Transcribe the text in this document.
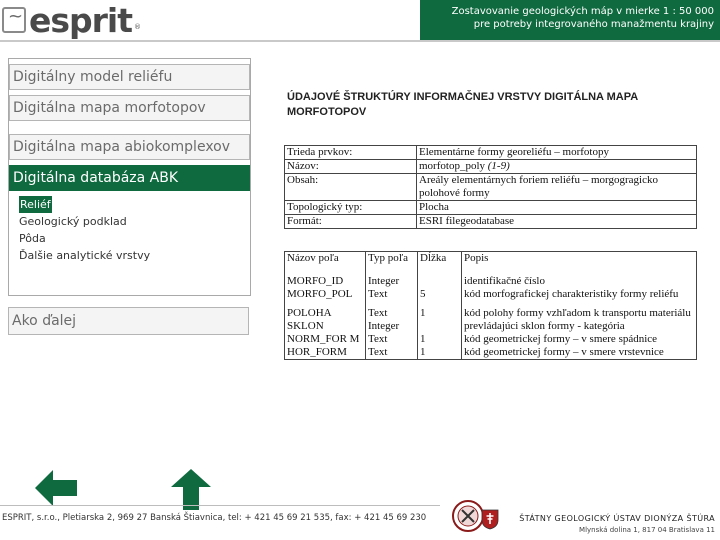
~
esprit ®
Zostavovanie geologických máp v mierke 1 : 50 000
pre potreby integrovaného manažmentu krajiny
Digitálny model reliéfu
Digitálna mapa morfotopov
Digitálna mapa abiokomplexov
Digitálna databáza ABK
Reliéf
Geologický podklad
Pôda
Ďalšie analytické vrstvy
Ako ďalej
ÚDAJOVÉ ŠTRUKTÚRY INFORMAČNEJ VRSTVY DIGITÁLNA MAPA MORFOTOPOV
Trieda prvkov:	Elementárne formy georeliéfu – morfotopy
Názov:	morfotop_poly (1-9)
Obsah:	Areály elementárnych foriem reliéfu – morgogragicko polohové formy
Topologický typ:	Plocha
Formát:	ESRI filegeodatabase
Názov poľa	Typ poľa	Dĺžka	Popis
MORFO_ID	Integer		identifikačné číslo
MORFO_POL	Text	5	kód morfografickej charakteristiky formy reliéfu
POLOHA	Text	1	kód polohy formy vzhľadom k transportu materiálu
SKLON	Integer		prevládajúci sklon formy - kategória
NORM_FOR M	Text	1	kód geometrickej formy – v smere spádnice
HOR_FORM	Text	1	kód geometrickej formy – v smere vrstevnice
ESPRIT, s.r.o., Pletiarska 2, 969 27 Banská Štiavnica, tel: + 421 45 69 21 535, fax: + 421 45 69 230	ŠTÁTNY GEOLOGICKÝ ÚSTAV DIONÝZA ŠTÚRA
Mlynská dolina 1, 817 04 Bratislava 11
